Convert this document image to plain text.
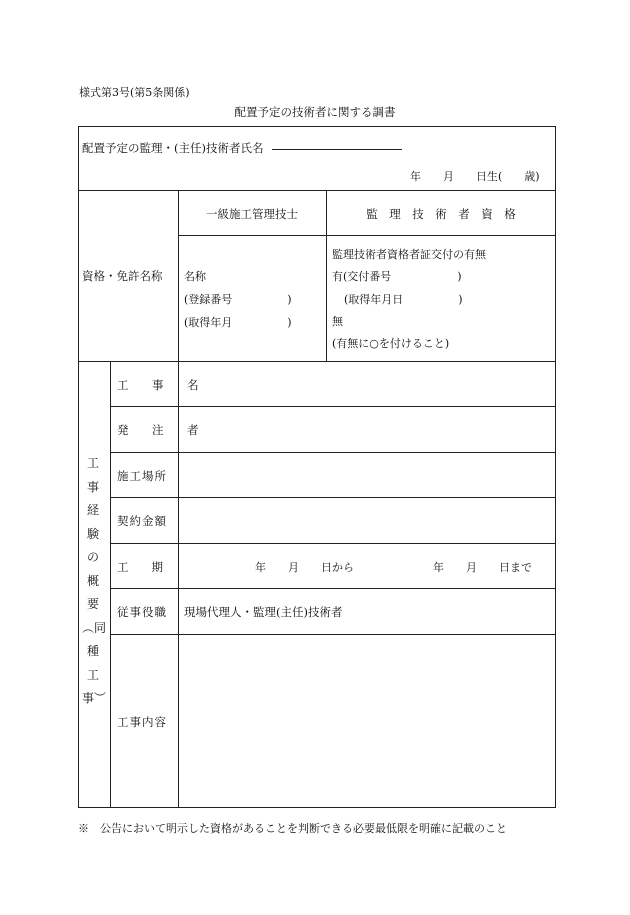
様式第3号(第5条関係)
配置予定の技術者に関する調書
配置予定の監理・(主任)技術者氏名
年　　月　　日生(　　歳)
資格・免許名称
一級施工管理技士	監　理　技　術　者　資　格
名称
(登録番号　　　　　)
(取得年月　　　　　)
監理技術者資格者証交付の有無
有(交付番号　　　　　　)
(取得年月日　　　　　)
無
(有無に○を付けること)
工事経験の概要︵同種工事︶
工　事　名
発　注　者
施工場所
契約金額
工　　期
従事役職
工事内容
年　　月　　日から	年　　月　　日まで
現場代理人・監理(主任)技術者
※　公告において明示した資格があることを判断できる必要最低限を明確に記載のこと
